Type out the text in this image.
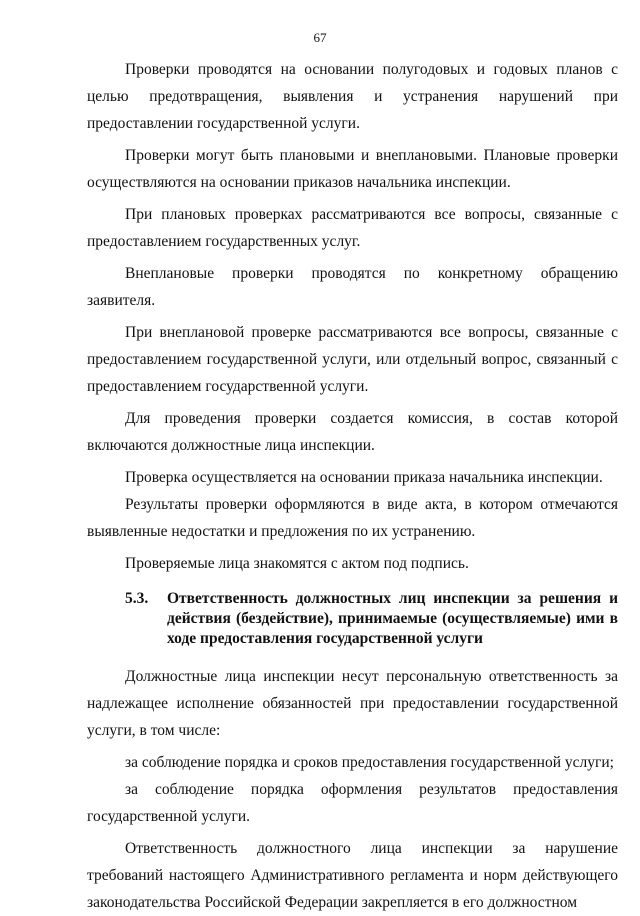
67

Проверки проводятся на основании полугодовых и годовых планов с целью предотвращения, выявления и устранения нарушений при предоставлении государственной услуги.

Проверки могут быть плановыми и внеплановыми. Плановые проверки осуществляются на основании приказов начальника инспекции.

При плановых проверках рассматриваются все вопросы, связанные с предоставлением государственных услуг.

Внеплановые проверки проводятся по конкретному обращению заявителя.

При внеплановой проверке рассматриваются все вопросы, связанные с предоставлением государственной услуги, или отдельный вопрос, связанный с предоставлением государственной услуги.

Для проведения проверки создается комиссия, в состав которой включаются должностные лица инспекции.

Проверка осуществляется на основании приказа начальника инспекции.

Результаты проверки оформляются в виде акта, в котором отмечаются выявленные недостатки и предложения по их устранению.

Проверяемые лица знакомятся с актом под подпись.

5.3.	Ответственность должностных лиц инспекции за решения и действия (бездействие), принимаемые (осуществляемые) ими в ходе предоставления государственной услуги

Должностные лица инспекции несут персональную ответственность за надлежащее исполнение обязанностей при предоставлении государственной услуги, в том числе:

за соблюдение порядка и сроков предоставления государственной услуги;

за соблюдение порядка оформления результатов предоставления государственной услуги.

Ответственность должностного лица инспекции за нарушение требований настоящего Административного регламента и норм действующего законодательства Российской Федерации закрепляется в его должностном
